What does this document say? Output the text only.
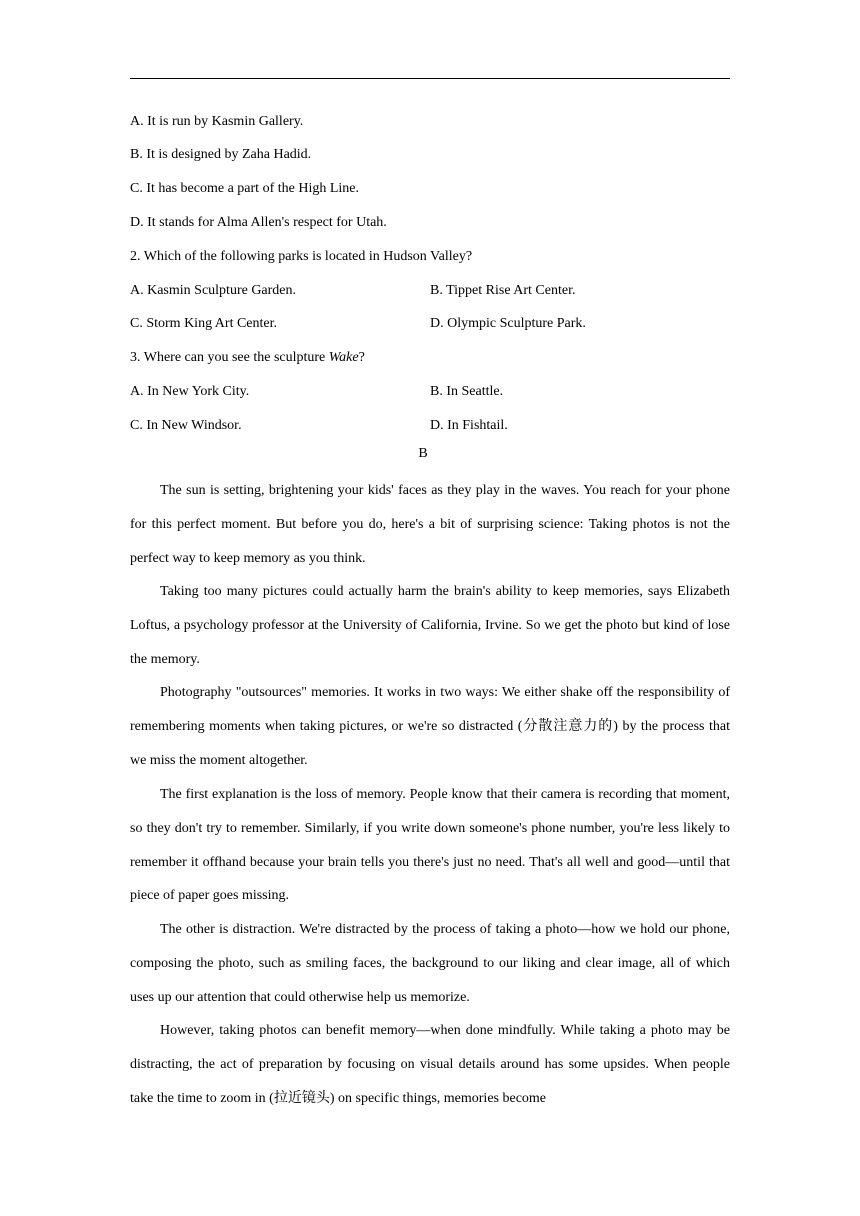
A. It is run by Kasmin Gallery.
B. It is designed by Zaha Hadid.
C. It has become a part of the High Line.
D. It stands for Alma Allen's respect for Utah.
2. Which of the following parks is located in Hudson Valley?
A. Kasmin Sculpture Garden.	B. Tippet Rise Art Center.
C. Storm King Art Center.	D. Olympic Sculpture Park.
3. Where can you see the sculpture Wake?
A. In New York City.	B. In Seattle.
C. In New Windsor.	D. In Fishtail.
B
The sun is setting, brightening your kids' faces as they play in the waves. You reach for your phone for this perfect moment. But before you do, here's a bit of surprising science: Taking photos is not the perfect way to keep memory as you think.
Taking too many pictures could actually harm the brain's ability to keep memories, says Elizabeth Loftus, a psychology professor at the University of California, Irvine. So we get the photo but kind of lose the memory.
Photography "outsources" memories. It works in two ways: We either shake off the responsibility of remembering moments when taking pictures, or we're so distracted (分散注意力的) by the process that we miss the moment altogether.
The first explanation is the loss of memory. People know that their camera is recording that moment, so they don't try to remember. Similarly, if you write down someone's phone number, you're less likely to remember it offhand because your brain tells you there's just no need. That's all well and good—until that piece of paper goes missing.
The other is distraction. We're distracted by the process of taking a photo—how we hold our phone, composing the photo, such as smiling faces, the background to our liking and clear image, all of which uses up our attention that could otherwise help us memorize.
However, taking photos can benefit memory—when done mindfully. While taking a photo may be distracting, the act of preparation by focusing on visual details around has some upsides. When people take the time to zoom in (拉近镜头) on specific things, memories become
